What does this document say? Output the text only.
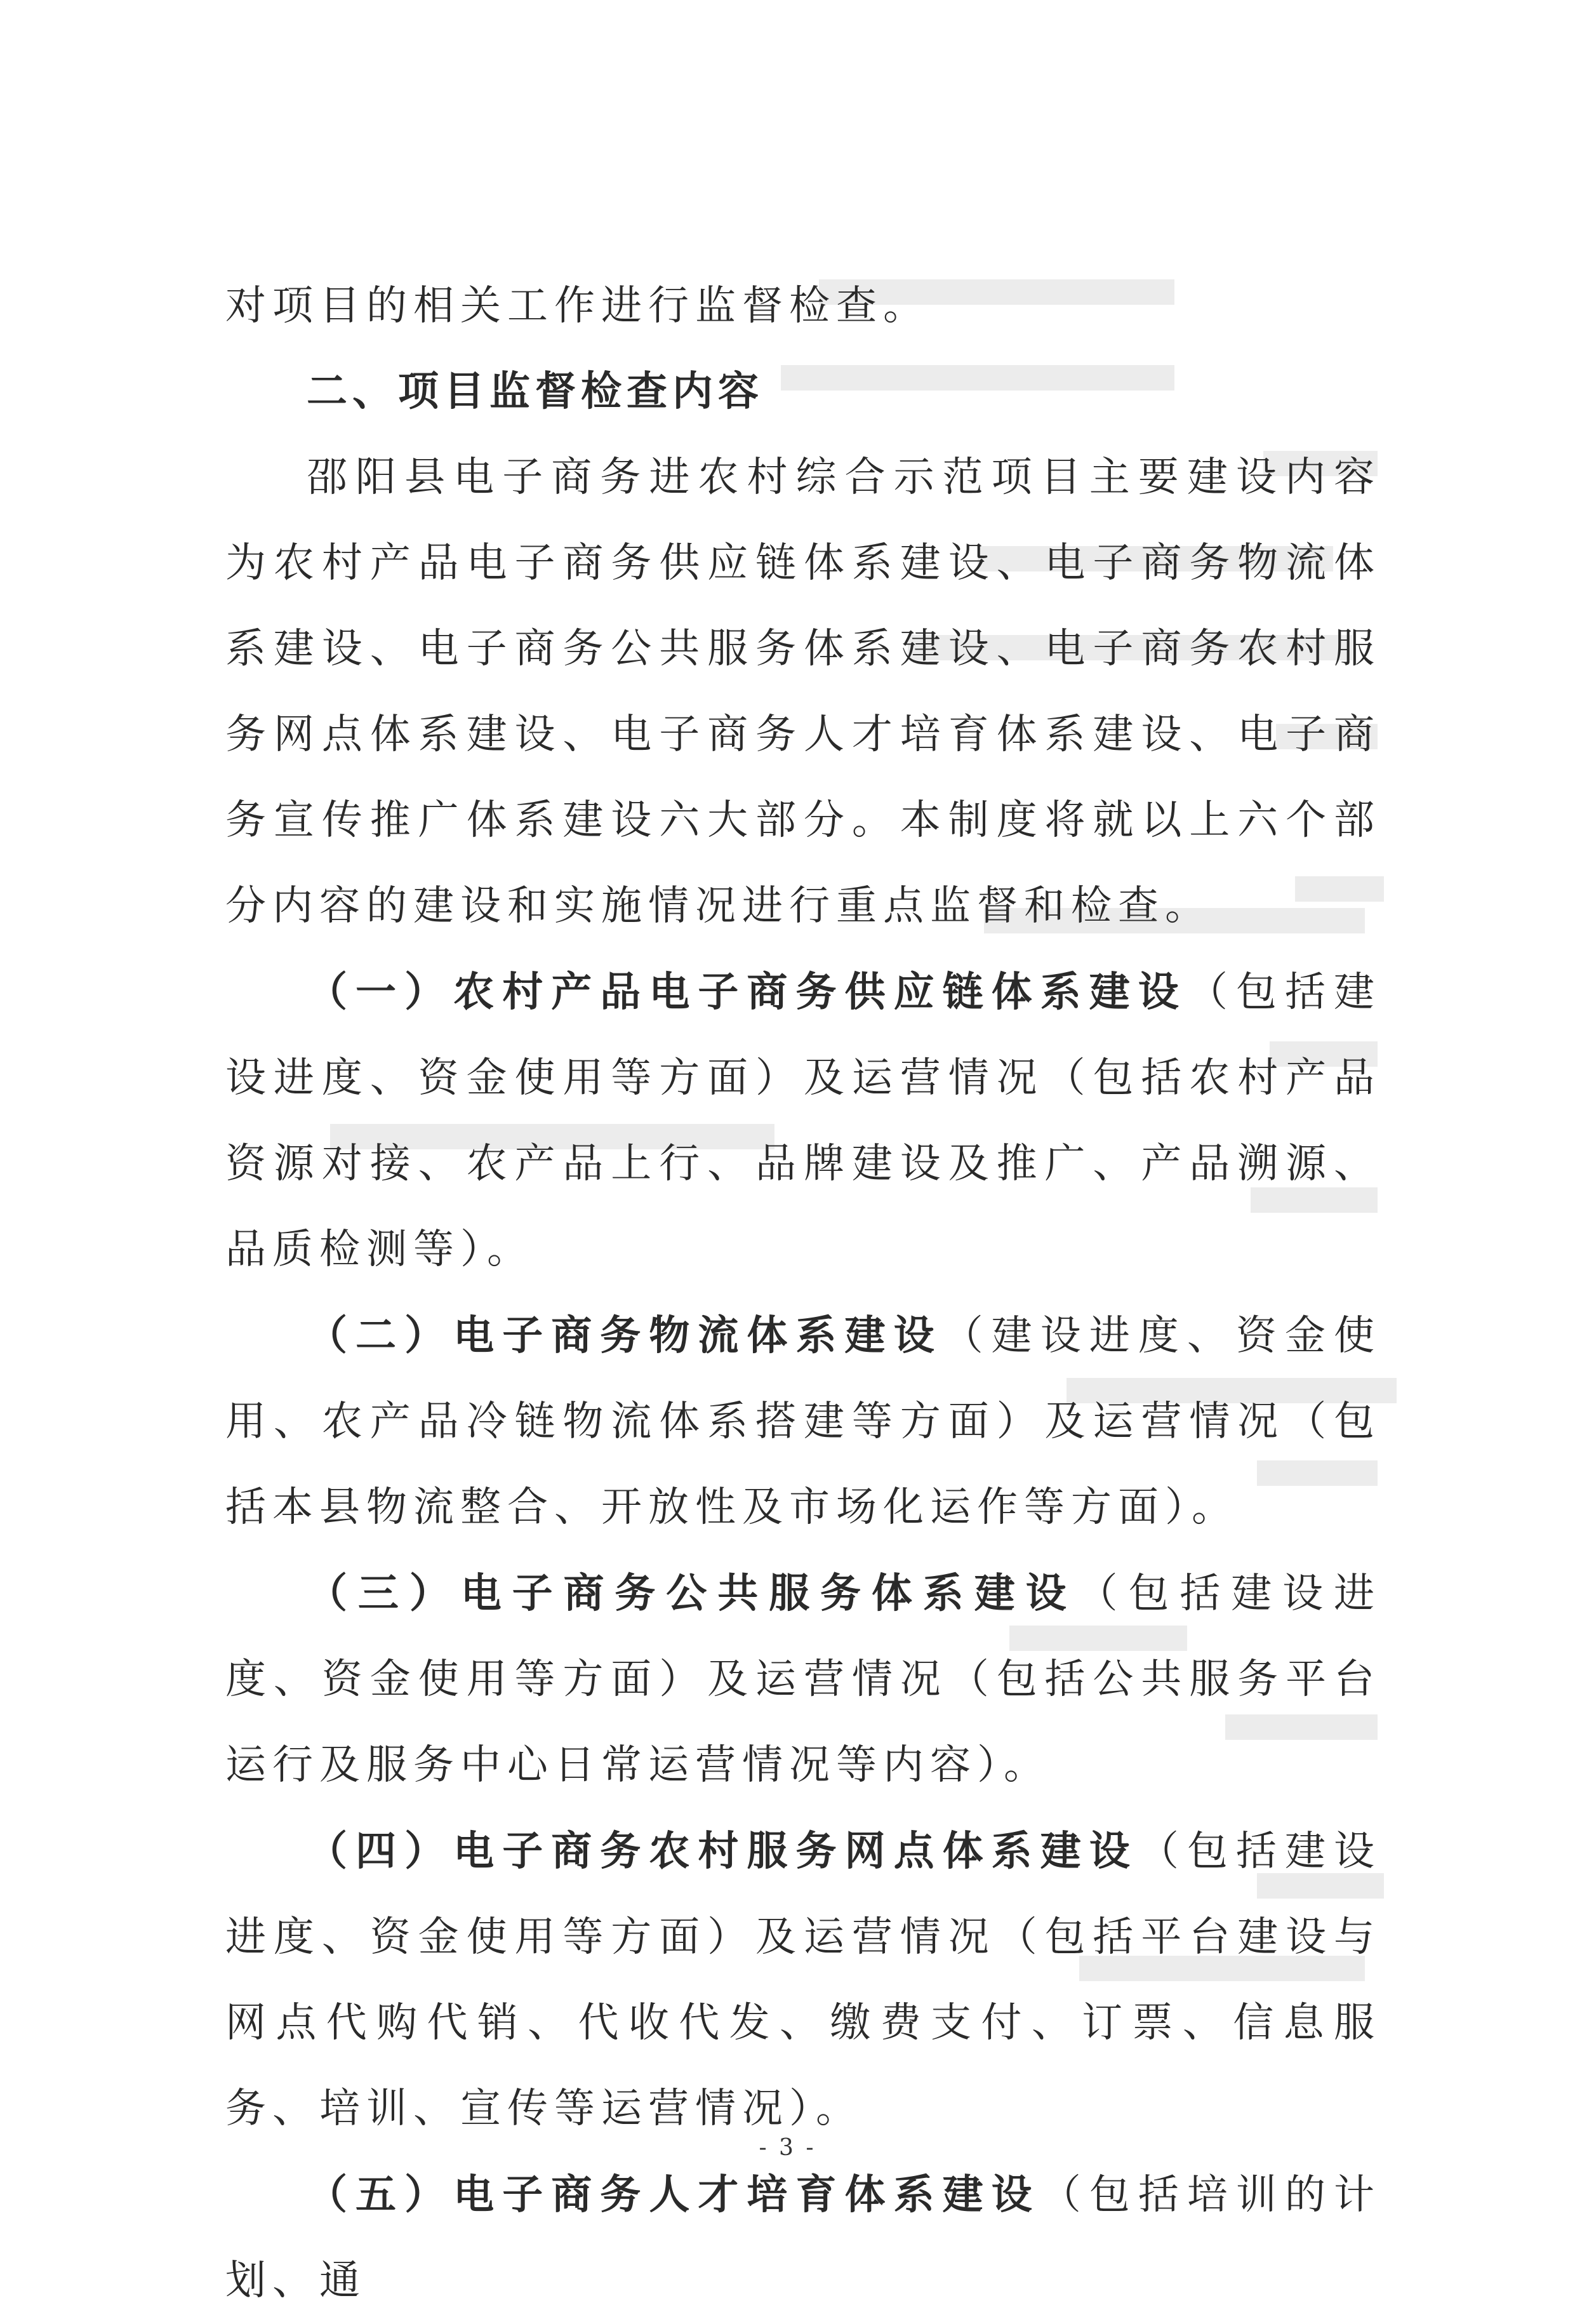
对项目的相关工作进行监督检查。

二、项目监督检查内容

邵阳县电子商务进农村综合示范项目主要建设内容为农村产品电子商务供应链体系建设、电子商务物流体系建设、电子商务公共服务体系建设、电子商务农村服务网点体系建设、电子商务人才培育体系建设、电子商务宣传推广体系建设六大部分。本制度将就以上六个部分内容的建设和实施情况进行重点监督和检查。

（一）农村产品电子商务供应链体系建设（包括建设进度、资金使用等方面）及运营情况（包括农村产品资源对接、农产品上行、品牌建设及推广、产品溯源、品质检测等）。

（二）电子商务物流体系建设（建设进度、资金使用、农产品冷链物流体系搭建等方面）及运营情况（包括本县物流整合、开放性及市场化运作等方面）。

（三）电子商务公共服务体系建设（包括建设进度、资金使用等方面）及运营情况（包括公共服务平台运行及服务中心日常运营情况等内容）。

（四）电子商务农村服务网点体系建设（包括建设进度、资金使用等方面）及运营情况（包括平台建设与网点代购代销、代收代发、缴费支付、订票、信息服务、培训、宣传等运营情况）。

（五）电子商务人才培育体系建设（包括培训的计划、通

- 3 -
